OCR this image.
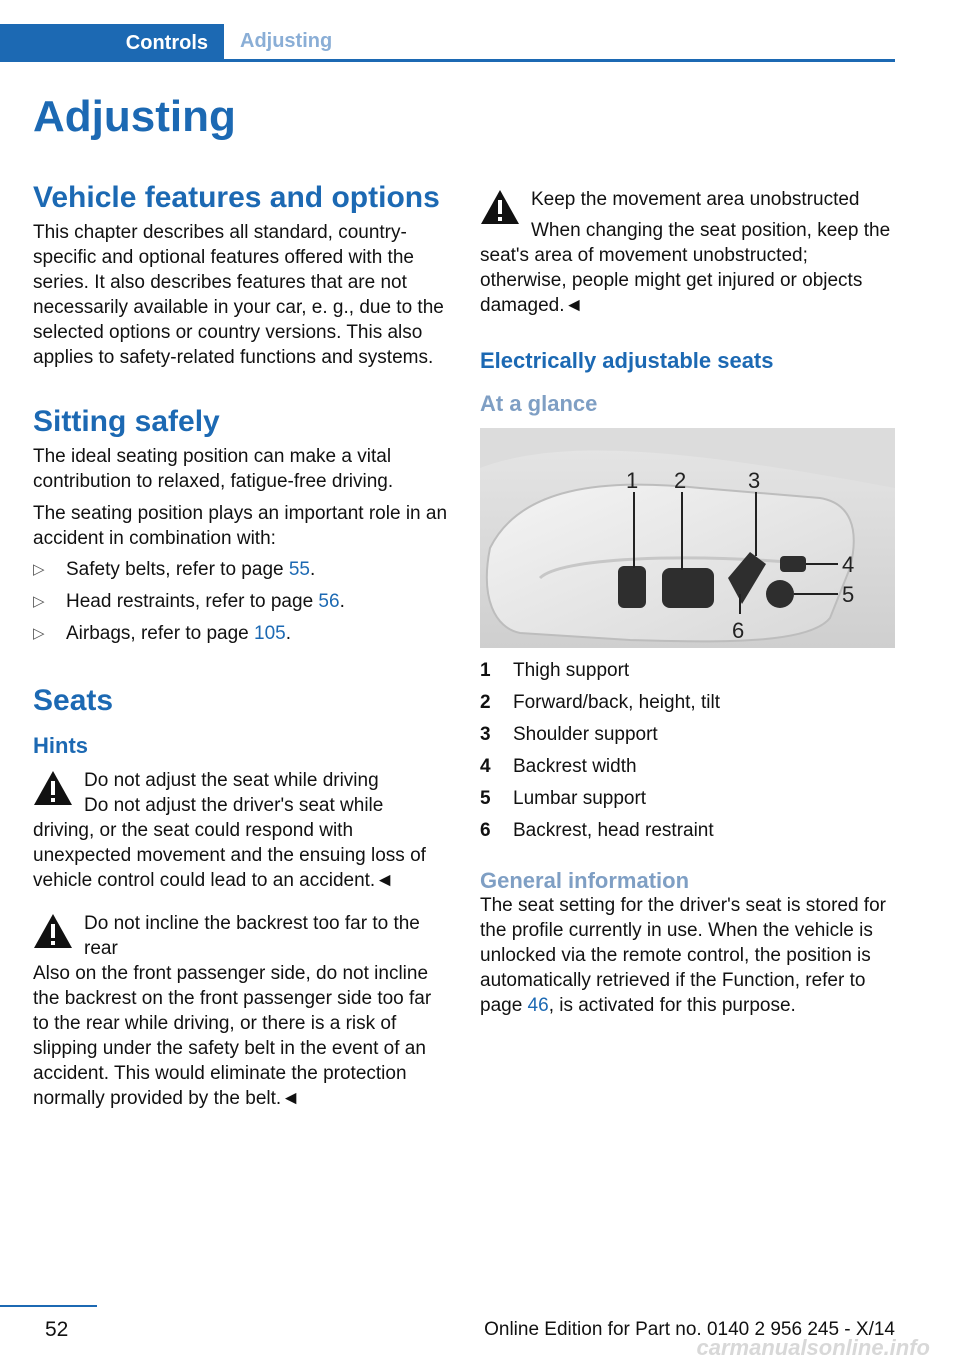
Controls	Adjusting
Adjusting
Vehicle features and options

This chapter describes all standard, country-specific and optional features offered with the series. It also describes features that are not necessarily available in your car, e. g., due to the selected options or country versions. This also applies to safety-related functions and systems.

Sitting safely

The ideal seating position can make a vital contribution to relaxed, fatigue-free driving.

The seating position plays an important role in an accident in combination with:

▷ Safety belts, refer to page 55.
▷ Head restraints, refer to page 56.
▷ Airbags, refer to page 105.
Seats
Hints

Do not adjust the seat while driving

Do not adjust the driver's seat while driving, or the seat could respond with unexpected movement and the ensuing loss of vehicle control could lead to an accident.◄

Do not incline the backrest too far to the rear

Also on the front passenger side, do not incline the backrest on the front passenger side too far to the rear while driving, or there is a risk of slipping under the safety belt in the event of an accident. This would eliminate the protection normally provided by the belt.◄

Keep the movement area unobstructed

When changing the seat position, keep the seat's area of movement unobstructed; otherwise, people might get injured or objects damaged.◄

Electrically adjustable seats
At a glance
1 2	3
4
5
6
1	Thigh support
2	Forward/back, height, tilt
3	Shoulder support
4	Backrest width
5	Lumbar support
6	Backrest, head restraint
General information

The seat setting for the driver's seat is stored for the profile currently in use. When the vehicle is unlocked via the remote control, the position is automatically retrieved if the Function, refer to page 46, is activated for this purpose.

52	Online Edition for Part no. 0140 2 956 245 - X/14
carmanualsonline.info
